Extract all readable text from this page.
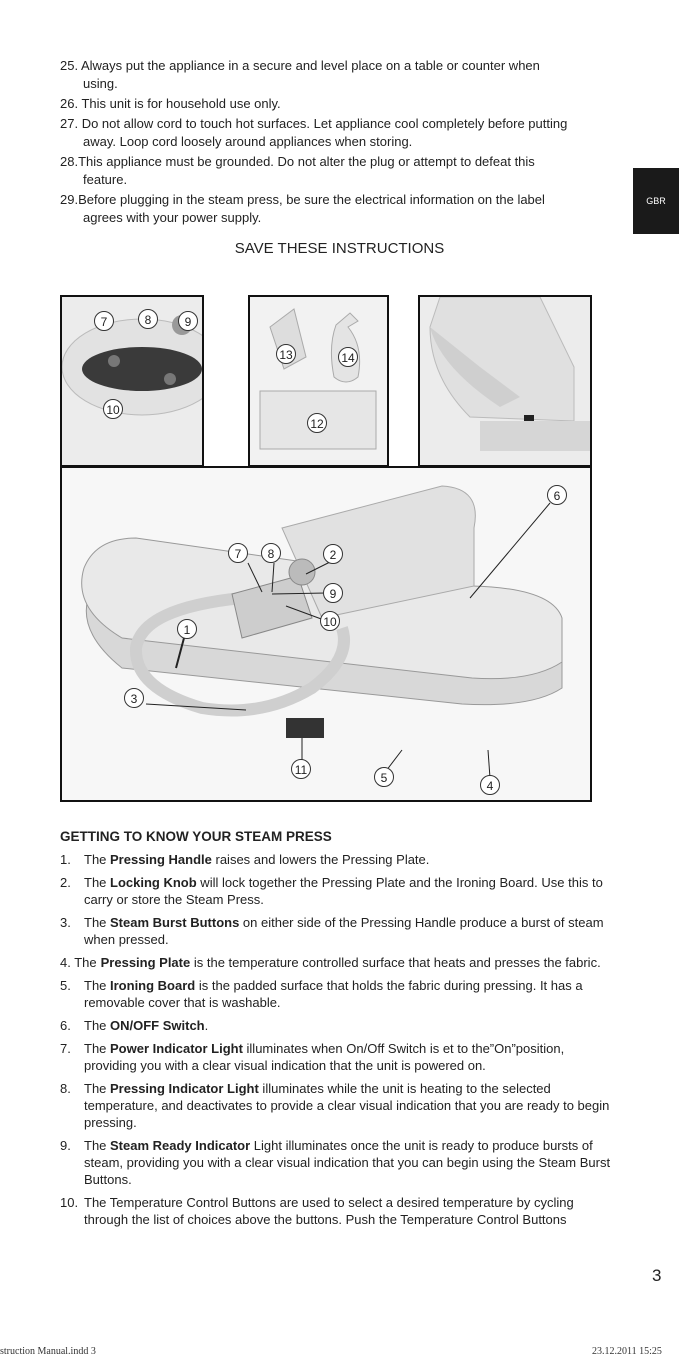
25. Always put the appliance in a secure and level place on a table or counter when
using.
26. This unit is for household use only.
27. Do not allow cord to touch hot surfaces. Let appliance cool completely before putting
away. Loop cord loosely around appliances when storing.
28.This appliance must be grounded. Do not alter the plug or attempt to defeat this
feature.
29.Before plugging in the steam press, be sure the electrical information on the label
agrees with your power supply.
GBR
SAVE THESE INSTRUCTIONS
7	8	9
10
13	14
12
6
7	8	2
9
10
1
3
11
5
4
GETTING TO KNOW YOUR STEAM PRESS
1.	The Pressing Handle raises and lowers the Pressing Plate.
2.	The Locking Knob will lock together the Pressing Plate and the Ironing Board. Use this to carry or store the Steam Press.
3.	The Steam Burst Buttons on either side of the Pressing Handle produce a burst of steam when pressed.
4. The Pressing Plate is the temperature controlled surface that heats and presses the fabric.
5.	The Ironing Board is the padded surface that holds the fabric during pressing. It has a removable cover that is washable.
6.	The ON/OFF Switch.
7.	The Power Indicator Light illuminates when On/Off Switch is et to the”On”position, providing you with a clear visual indication that the unit is powered on.
8.	The Pressing Indicator Light illuminates while the unit is heating to the selected temperature, and deactivates to provide a clear visual indication that you are ready to begin pressing.
9.	The Steam Ready Indicator Light illuminates once the unit is ready to produce bursts of steam, providing you with a clear visual indication that you can begin using the Steam Burst Buttons.
10. The Temperature Control Buttons are used to select a desired temperature by cycling through the list of choices above the buttons. Push the Temperature Control Buttons
3
struction Manual.indd 3	23.12.2011 15:25
